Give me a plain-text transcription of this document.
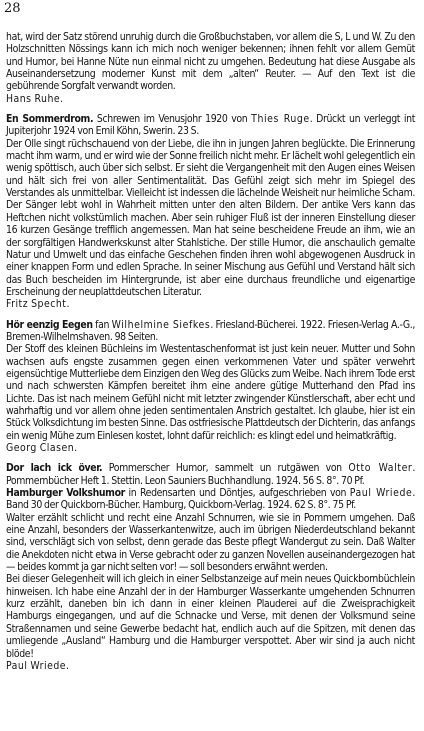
28

hat, wird der Satz störend unruhig durch die Großbuchstaben, vor allem die S, L und W. Zu den Holzschnitten Nössings kann ich mich noch weniger bekennen; ihnen fehlt vor allem Gemüt und Humor, bei Hanne Nüte nun einmal nicht zu umgehen. Bedeutung hat diese Ausgabe als Auseinandersetzung moderner Kunst mit dem „alten“ Reuter. — Auf den Text ist die gebührende Sorgfalt verwandt worden.

Hans Ruhe.

En Sommerdrom. Schrewen im Venusjohr 1920 von Thies Ruge. Drückt un verleggt int Jupiterjohr 1924 von Emil Köhn, Swerin. 23 S.

Der Olle singt rüchschauend von der Liebe, die ihn in jungen Jahren beglückte. Die Erinnerung macht ihm warm, und er wird wie der Sonne freilich nicht mehr. Er lächelt wohl gelegentlich ein wenig spöttisch, auch über sich selbst. Er sieht die Vergangenheit mit den Augen eines Weisen und hält sich frei von aller Sentimentalität. Das Gefühl zeigt sich mehr im Spiegel des Verstandes als unmittelbar. Vielleicht ist indessen die lächelnde Weisheit nur heimliche Scham. Der Sänger lebt wohl in Wahrheit mitten unter den alten Bildern. Der antike Vers kann das Heftchen nicht volkstümlich machen. Aber sein ruhiger Fluß ist der inneren Einstellung dieser 16 kurzen Gesänge trefflich angemessen. Man hat seine bescheidene Freude an ihm, wie an der sorgfältigen Handwerkskunst alter Stahlstiche. Der stille Humor, die anschaulich gemalte Natur und Umwelt und das einfache Geschehen finden ihren wohl abgewogenen Ausdruck in einer knappen Form und edlen Sprache. In seiner Mischung aus Gefühl und Verstand hält sich das Buch bescheiden im Hintergrunde, ist aber eine durchaus freundliche und eigenartige Erscheinung der neuplattdeutschen Literatur.

Fritz Specht.

Hör eenzig Eegen fan Wilhelmine Siefkes. Friesland-Bücherei. 1922. Friesen-Verlag A.-G., Bremen-Wilhelmshaven. 98 Seiten.

Der Stoff des kleinen Büchleins im Westentaschenformat ist just kein neuer. Mutter und Sohn wachsen aufs engste zusammen gegen einen verkommenen Vater und später verwehrt eigensüchtige Mutterliebe dem Einzigen den Weg des Glücks zum Weibe. Nach ihrem Tode erst und nach schwersten Kämpfen bereitet ihm eine andere gütige Mutterhand den Pfad ins Lichte. Das ist nach meinem Gefühl nicht mit letzter zwingender Künstlerschaft, aber echt und wahrhaftig und vor allem ohne jeden sentimentalen Anstrich gestaltet. Ich glaube, hier ist ein Stück Volksdichtung im besten Sinne. Das ostfriesische Plattdeutsch der Dichterin, das anfangs ein wenig Mühe zum Einlesen kostet, lohnt dafür reichlich: es klingt edel und heimatkräftig.

Georg Clasen.

Dor lach ick över. Pommerscher Humor, sammelt un rutgäwen von Otto Walter. Pommernbücher Heft 1. Stettin. Leon Sauniers Buchhandlung. 1924. 56 S. 8°. 70 Pf.

Hamburger Volkshumor in Redensarten und Döntjes, aufgeschrieben von Paul Wriede. Band 30 der Quickborn-Bücher. Hamburg, Quickborn-Verlag. 1924. 62 S. 8°. 75 Pf.

Walter erzählt schlicht und recht eine Anzahl Schnurren, wie sie in Pommern umgehen. Daß eine Anzahl, besonders der Wasserkantenwitze, auch im übrigen Niederdeutschland bekannt sind, verschlägt sich von selbst, denn gerade das Beste pflegt Wandergut zu sein. Daß Walter die Anekdoten nicht etwa in Verse gebracht oder zu ganzen Novellen auseinandergezogen hat — beides kommt ja gar nicht selten vor! — soll besonders erwähnt werden.

Bei dieser Gelegenheit will ich gleich in einer Selbstanzeige auf mein neues Quickbornbüchlein hinweisen. Ich habe eine Anzahl der in der Hamburger Wasserkante umgehenden Schnurren kurz erzählt, daneben bin ich dann in einer kleinen Plauderei auf die Zweisprachigkeit Hamburgs eingegangen, und auf die Schnacke und Verse, mit denen der Volksmund seine Straßennamen und seine Gewerbe bedacht hat, endlich auch auf die Spitzen, mit denen das umliegende „Ausland“ Hamburg und die Hamburger verspottet. Aber wir sind ja auch nicht blöde!

Paul Wriede.
